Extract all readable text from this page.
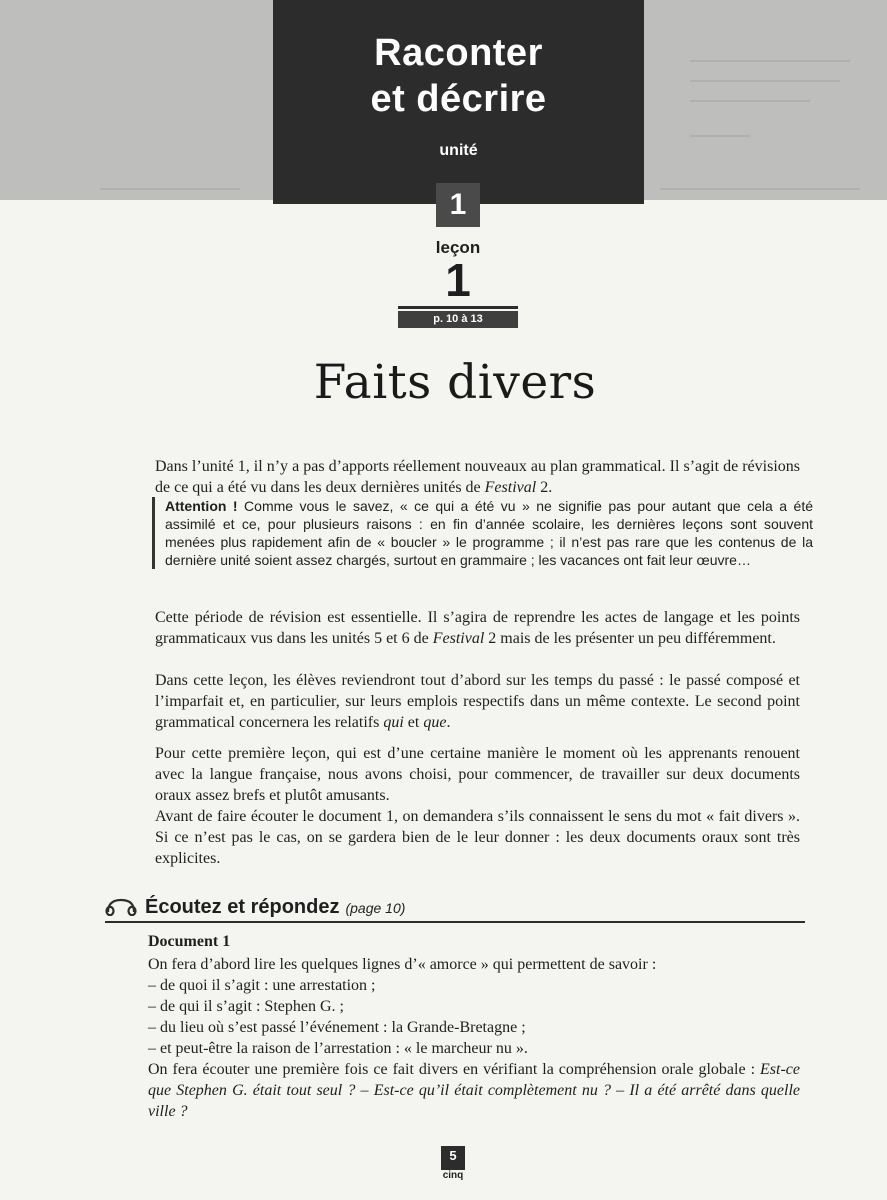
Raconter
et décrire
unité
1
leçon
1
p. 10 à 13
Faits divers

Dans l’unité 1, il n’y a pas d’apports réellement nouveaux au plan grammatical. Il s’agit de révisions de ce qui a été vu dans les deux dernières unités de Festival 2.

Attention ! Comme vous le savez, « ce qui a été vu » ne signifie pas pour autant que cela a été assimilé et ce, pour plusieurs raisons : en fin d’année scolaire, les dernières leçons sont souvent menées plus rapidement afin de « boucler » le programme ; il n’est pas rare que les contenus de la dernière unité soient assez chargés, surtout en grammaire ; les vacances ont fait leur œuvre…

Cette période de révision est essentielle. Il s’agira de reprendre les actes de langage et les points grammaticaux vus dans les unités 5 et 6 de Festival 2 mais de les présenter un peu différemment.

Dans cette leçon, les élèves reviendront tout d’abord sur les temps du passé : le passé composé et l’imparfait et, en particulier, sur leurs emplois respectifs dans un même contexte. Le second point grammatical concernera les relatifs qui et que.

Pour cette première leçon, qui est d’une certaine manière le moment où les apprenants renouent avec la langue française, nous avons choisi, pour commencer, de travailler sur deux documents oraux assez brefs et plutôt amusants.

Avant de faire écouter le document 1, on demandera s’ils connaissent le sens du mot « fait divers ». Si ce n’est pas le cas, on se gardera bien de le leur donner : les deux documents oraux sont très explicites.

Écoutez et répondez (page 10)
Document 1
On fera d’abord lire les quelques lignes d’« amorce » qui permettent de savoir :
– de quoi il s’agit : une arrestation ;
– de qui il s’agit : Stephen G. ;
– du lieu où s’est passé l’événement : la Grande-Bretagne ;
– et peut-être la raison de l’arrestation : « le marcheur nu ».
On fera écouter une première fois ce fait divers en vérifiant la compréhension orale globale : Est-ce que Stephen G. était tout seul ? – Est-ce qu’il était complètement nu ? – Il a été arrêté dans quelle ville ?
5
cinq
